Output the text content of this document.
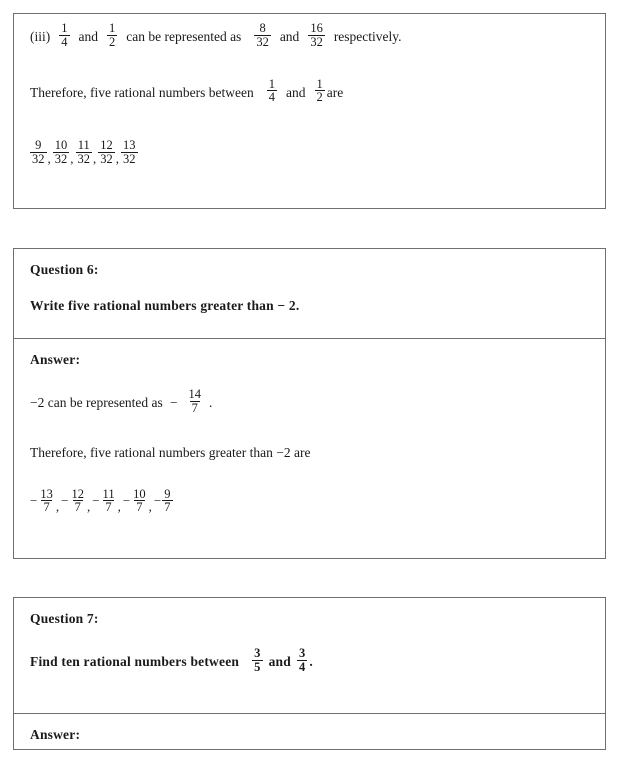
$(iii) \frac{1}{4}$ and $\frac{1}{2}$ can be represented as $\frac{8}{32}$ and $\frac{16}{32}$ respectively.
Therefore, five rational numbers between $\frac{1}{4}$ and $\frac{1}{2}$ are
$\frac{9}{32}$ , $\frac{10}{32}$ , $\frac{11}{32}$ , $\frac{12}{32}$ , $\frac{13}{32}$
Question 6:
Write five rational numbers greater than − 2.
Answer:
−2 can be represented as − $\frac{14}{7}$ .
Therefore, five rational numbers greater than −2 are
− $\frac{13}{7}$ , − $\frac{12}{7}$ , − $\frac{11}{7}$ , − $\frac{10}{7}$ , − $\frac{9}{7}$
Question 7:
Find ten rational numbers between $\frac{3}{5}$ and $\frac{3}{4}$ .
Answer:
